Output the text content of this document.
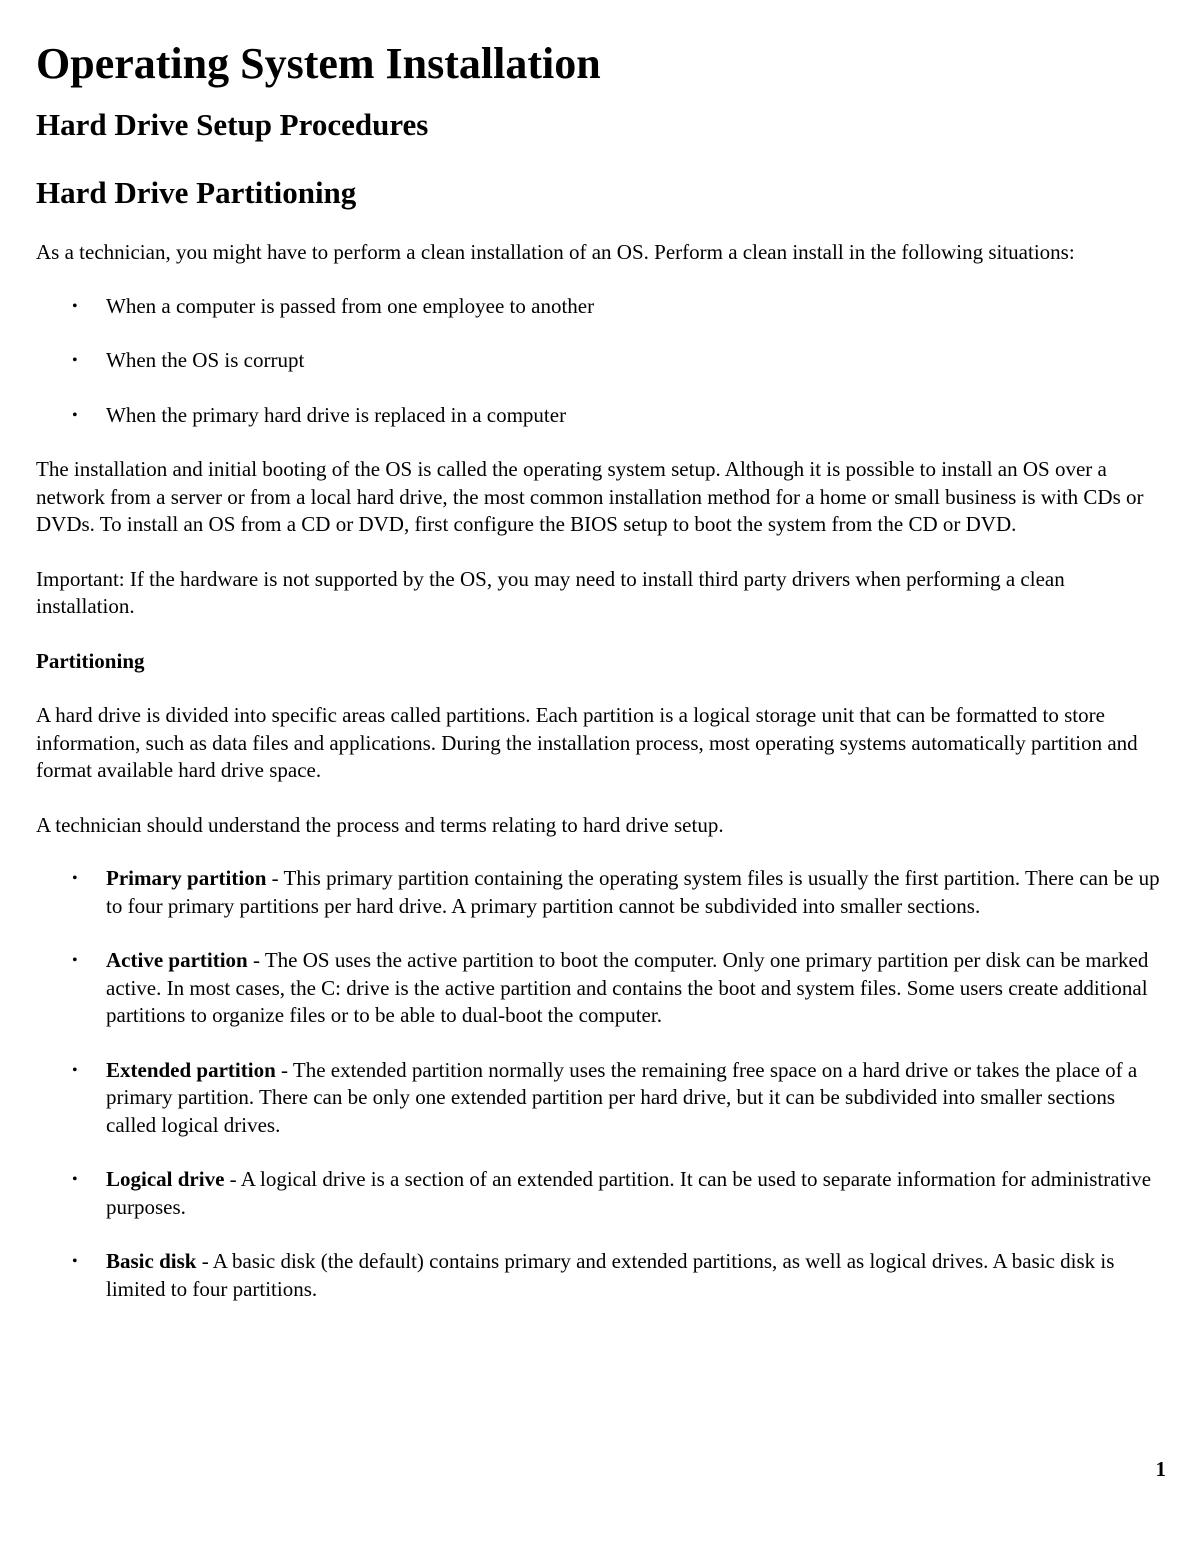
Operating System Installation
Hard Drive Setup Procedures
Hard Drive Partitioning

As a technician, you might have to perform a clean installation of an OS. Perform a clean install in the following situations:

• When a computer is passed from one employee to another
• When the OS is corrupt
• When the primary hard drive is replaced in a computer

The installation and initial booting of the OS is called the operating system setup. Although it is possible to install an OS over a network from a server or from a local hard drive, the most common installation method for a home or small business is with CDs or DVDs. To install an OS from a CD or DVD, first configure the BIOS setup to boot the system from the CD or DVD.

Important: If the hardware is not supported by the OS, you may need to install third party drivers when performing a clean installation.

Partitioning

A hard drive is divided into specific areas called partitions. Each partition is a logical storage unit that can be formatted to store information, such as data files and applications. During the installation process, most operating systems automatically partition and format available hard drive space.

A technician should understand the process and terms relating to hard drive setup.

• Primary partition - This primary partition containing the operating system files is usually the first partition. There can be up to four primary partitions per hard drive. A primary partition cannot be subdivided into smaller sections.
• Active partition - The OS uses the active partition to boot the computer. Only one primary partition per disk can be marked active. In most cases, the C: drive is the active partition and contains the boot and system files. Some users create additional partitions to organize files or to be able to dual-boot the computer.
• Extended partition - The extended partition normally uses the remaining free space on a hard drive or takes the place of a primary partition. There can be only one extended partition per hard drive, but it can be subdivided into smaller sections called logical drives.
• Logical drive - A logical drive is a section of an extended partition. It can be used to separate information for administrative purposes.
• Basic disk - A basic disk (the default) contains primary and extended partitions, as well as logical drives. A basic disk is limited to four partitions.
1
